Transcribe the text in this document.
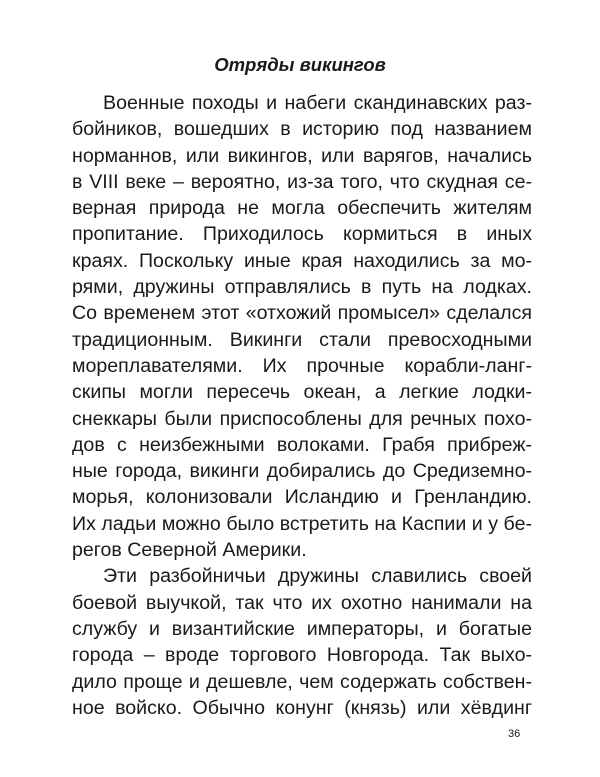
Отряды викингов
Военные походы и набеги скандинавских раз-
бойников, вошедших в историю под названием
норманнов, или викингов, или варягов, начались
в VIII веке – вероятно, из-за того, что скудная се-
верная природа не могла обеспечить жителям
пропитание. Приходилось кормиться в иных
краях. Поскольку иные края находились за мо-
рями, дружины отправлялись в путь на лодках.
Со временем этот «отхожий промысел» сделался
традиционным. Викинги стали превосходными
мореплавателями. Их прочные корабли-ланг-
скипы могли пересечь океан, а легкие лодки-
снеккары были приспособлены для речных похо-
дов с неизбежными волоками. Грабя прибреж-
ные города, викинги добирались до Средиземно-
морья, колонизовали Исландию и Гренландию.
Их ладьи можно было встретить на Каспии и у бе-
регов Северной Америки.
Эти разбойничьи дружины славились своей
боевой выучкой, так что их охотно нанимали на
службу и византийские императоры, и богатые
города – вроде торгового Новгорода. Так выхо-
дило проще и дешевле, чем содержать собствен-
ное войско. Обычно конунг (князь) или хёвдинг
36
